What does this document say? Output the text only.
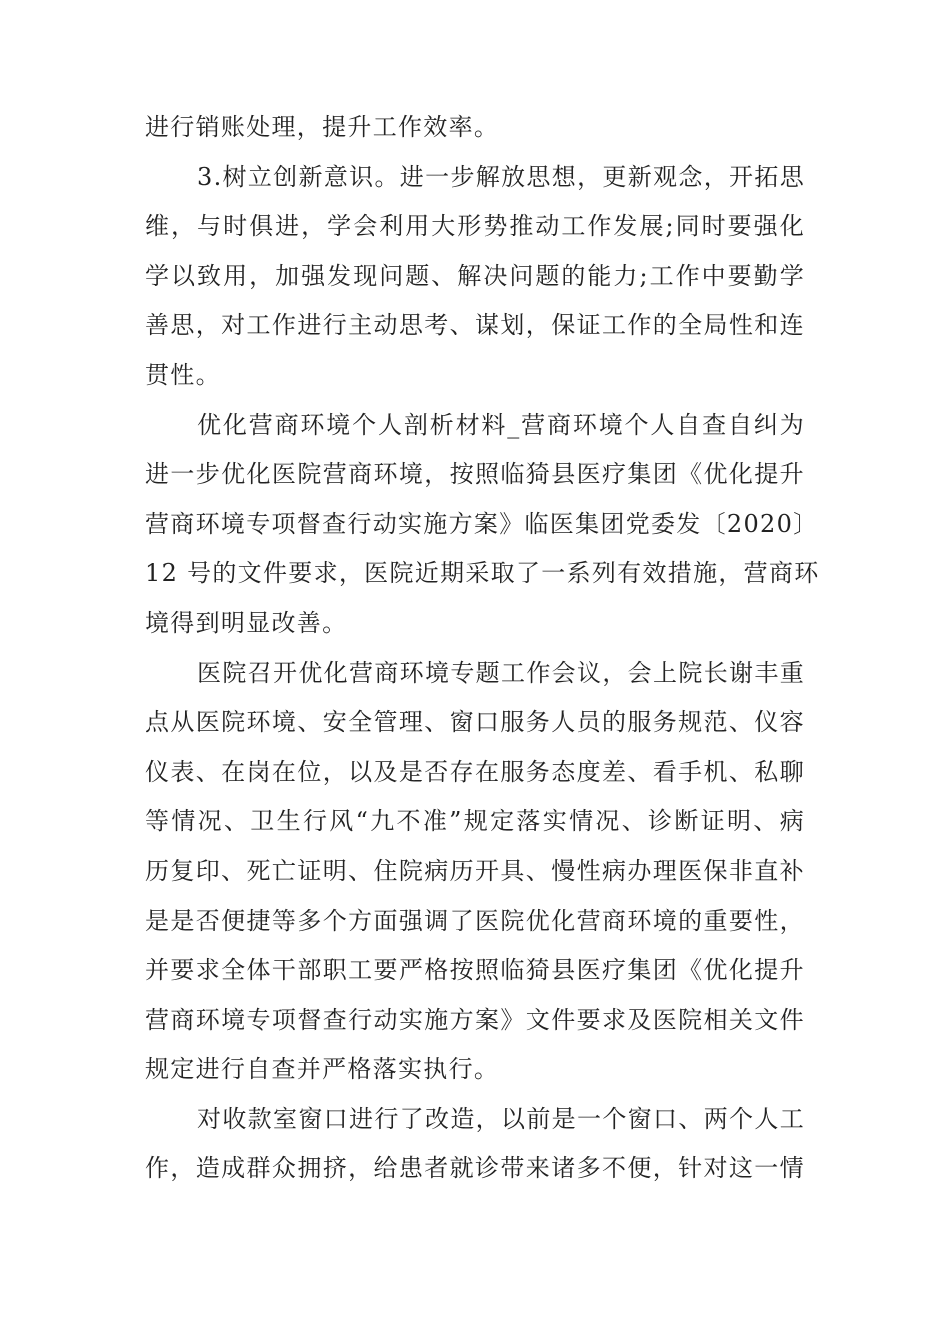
进行销账处理，提升工作效率。
3.树立创新意识。进一步解放思想，更新观念，开拓思
维，与时俱进，学会利用大形势推动工作发展;同时要强化
学以致用，加强发现问题、解决问题的能力;工作中要勤学
善思，对工作进行主动思考、谋划，保证工作的全局性和连
贯性。
优化营商环境个人剖析材料_营商环境个人自查自纠为
进一步优化医院营商环境，按照临猗县医疗集团《优化提升
营商环境专项督查行动实施方案》临医集团党委发〔2020〕
12 号的文件要求，医院近期采取了一系列有效措施，营商环
境得到明显改善。
医院召开优化营商环境专题工作会议，会上院长谢丰重
点从医院环境、安全管理、窗口服务人员的服务规范、仪容
仪表、在岗在位，以及是否存在服务态度差、看手机、私聊
等情况、卫生行风“九不准”规定落实情况、诊断证明、病
历复印、死亡证明、住院病历开具、慢性病办理医保非直补
是是否便捷等多个方面强调了医院优化营商环境的重要性，
并要求全体干部职工要严格按照临猗县医疗集团《优化提升
营商环境专项督查行动实施方案》文件要求及医院相关文件
规定进行自查并严格落实执行。
对收款室窗口进行了改造，以前是一个窗口、两个人工
作，造成群众拥挤，给患者就诊带来诸多不便，针对这一情
